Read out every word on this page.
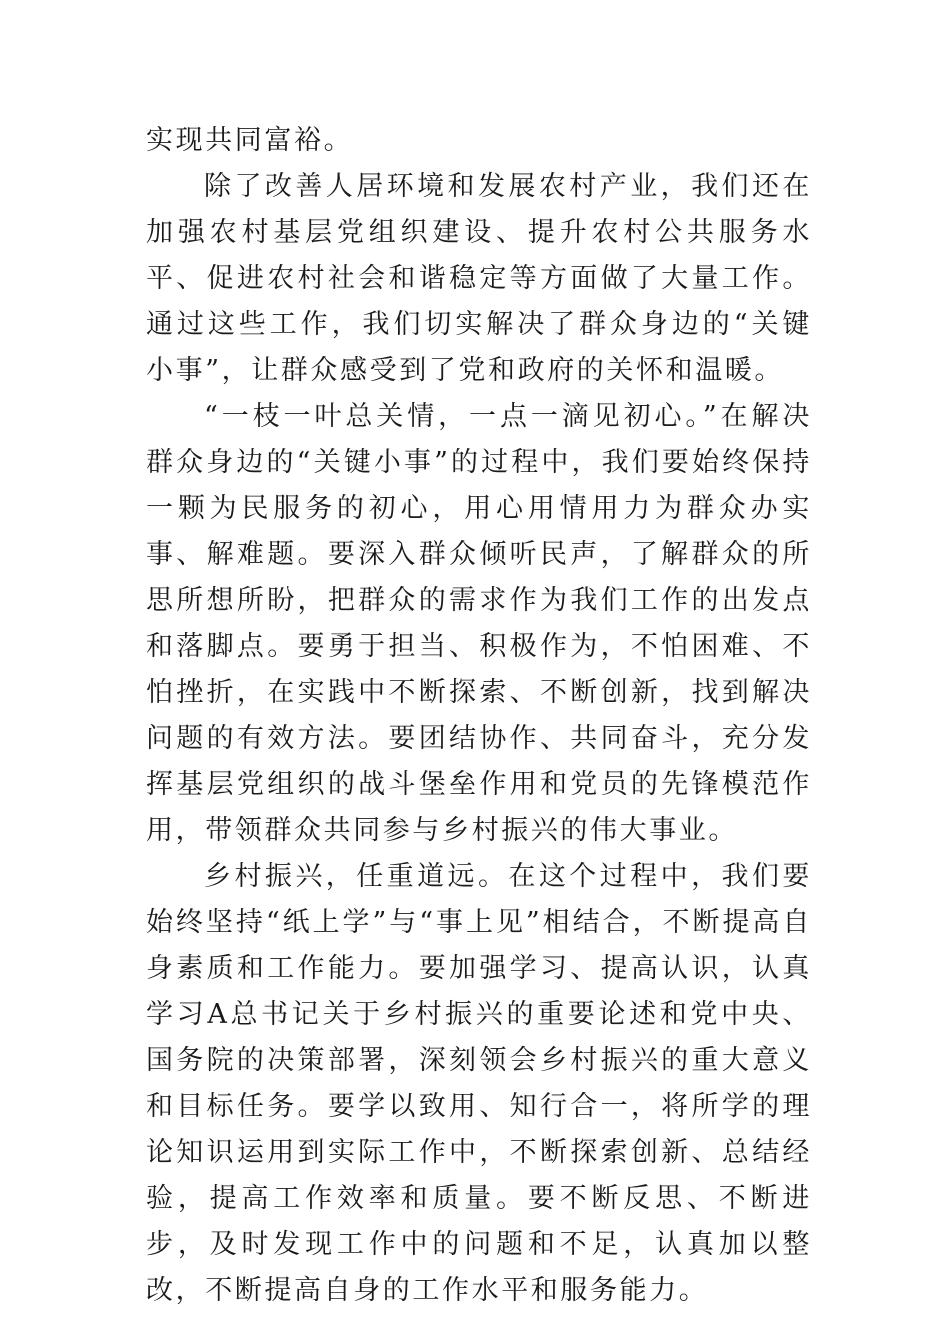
实现共同富裕。

除了改善人居环境和发展农村产业，我们还在加强农村基层党组织建设、提升农村公共服务水平、促进农村社会和谐稳定等方面做了大量工作。通过这些工作，我们切实解决了群众身边的“关键小事”，让群众感受到了党和政府的关怀和温暖。

“一枝一叶总关情，一点一滴见初心。”在解决群众身边的“关键小事”的过程中，我们要始终保持一颗为民服务的初心，用心用情用力为群众办实事、解难题。要深入群众倾听民声，了解群众的所思所想所盼，把群众的需求作为我们工作的出发点和落脚点。要勇于担当、积极作为，不怕困难、不怕挫折，在实践中不断探索、不断创新，找到解决问题的有效方法。要团结协作、共同奋斗，充分发挥基层党组织的战斗堡垒作用和党员的先锋模范作用，带领群众共同参与乡村振兴的伟大事业。

乡村振兴，任重道远。在这个过程中，我们要始终坚持“纸上学”与“事上见”相结合，不断提高自身素质和工作能力。要加强学习、提高认识，认真学习A总书记关于乡村振兴的重要论述和党中央、国务院的决策部署，深刻领会乡村振兴的重大意义和目标任务。要学以致用、知行合一，将所学的理论知识运用到实际工作中，不断探索创新、总结经验，提高工作效率和质量。要不断反思、不断进步，及时发现工作中的问题和不足，认真加以整改，不断提高自身的工作水平和服务能力。
